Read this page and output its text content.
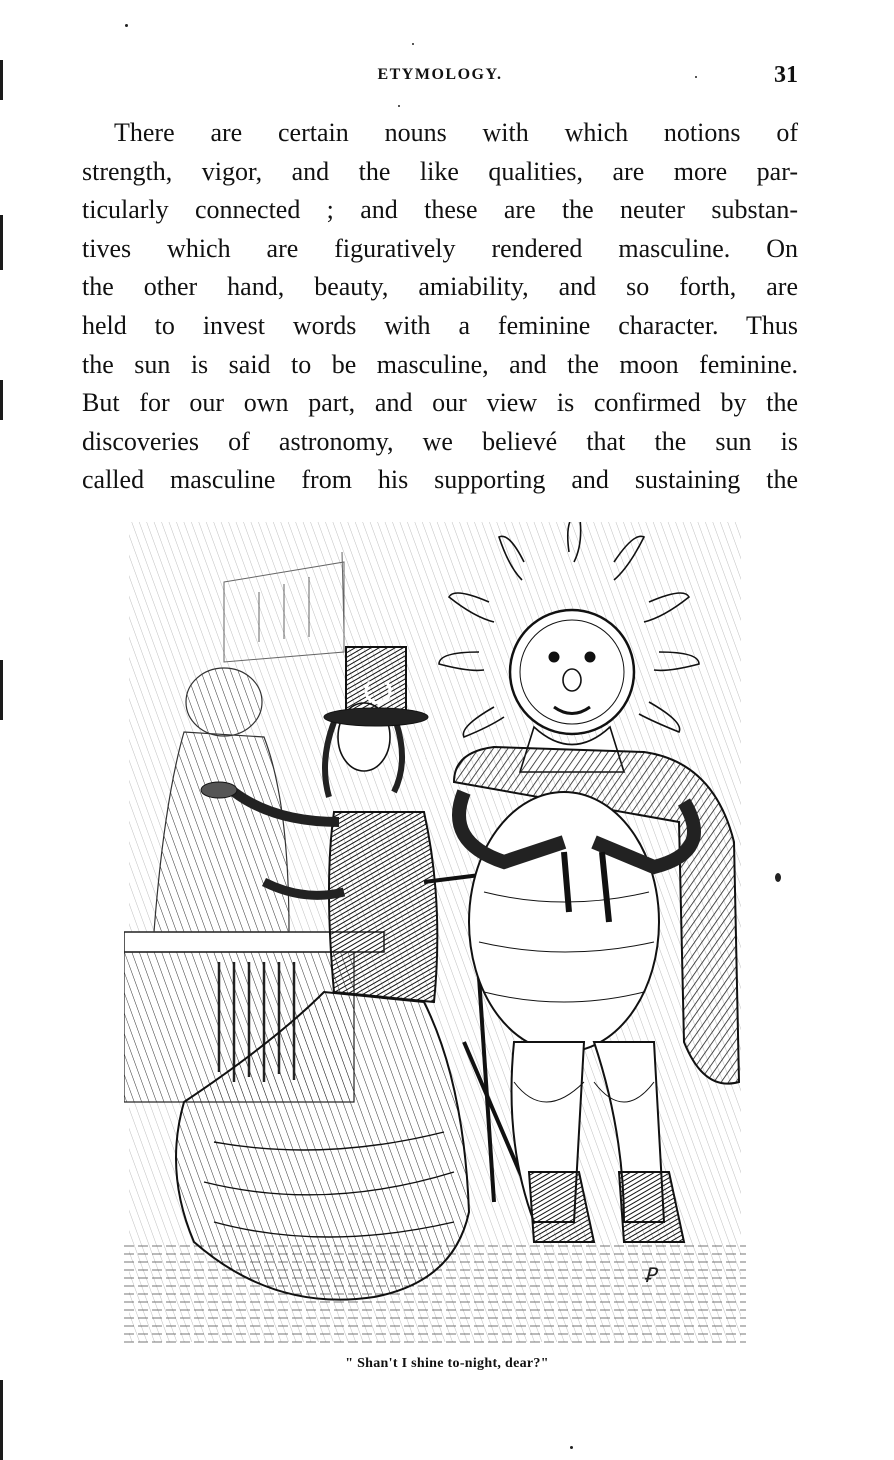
ETYMOLOGY.	31
There are certain nouns with which notions of
strength, vigor, and the like qualities, are more par-
ticularly connected ; and these are the neuter substan-
tives which are figuratively rendered masculine. On
the other hand, beauty, amiability, and so forth, are
held to invest words with a feminine character. Thus
the sun is said to be masculine, and the moon feminine.
But for our own part, and our view is confirmed by the
discoveries of astronomy, we believé that the sun is
called masculine from his supporting and sustaining the
Ꝑ
" Shan't I shine to-night, dear?"
